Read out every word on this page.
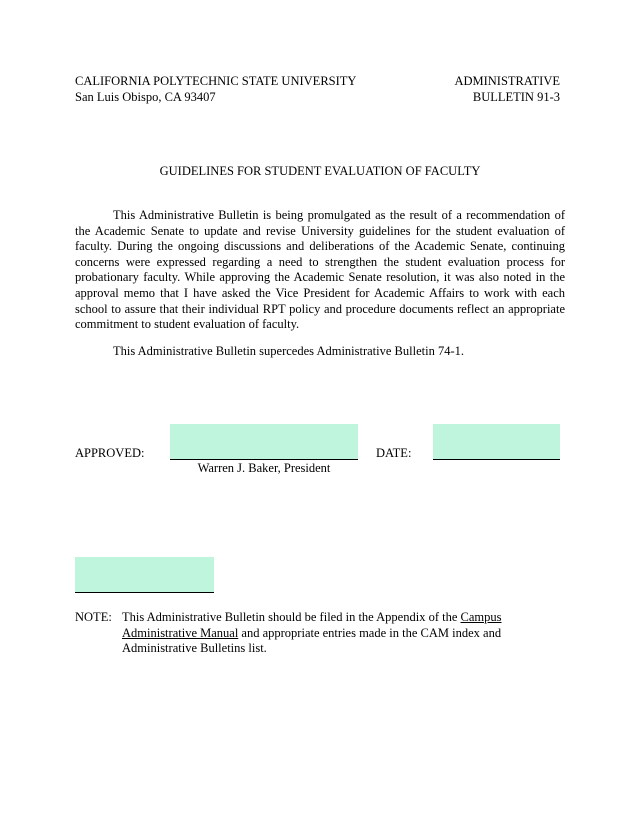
CALIFORNIA POLYTECHNIC STATE UNIVERSITY
San Luis Obispo, CA 93407
ADMINISTRATIVE
BULLETIN 91-3
GUIDELINES FOR STUDENT EVALUATION OF FACULTY

This Administrative Bulletin is being promulgated as the result of a recommendation of the Academic Senate to update and revise University guidelines for the student evaluation of faculty. During the ongoing discussions and deliberations of the Academic Senate, continuing concerns were expressed regarding a need to strengthen the student evaluation process for probationary faculty. While approving the Academic Senate resolution, it was also noted in the approval memo that I have asked the Vice President for Academic Affairs to work with each school to assure that their individual RPT policy and procedure documents reflect an appropriate commitment to student evaluation of faculty.

This Administrative Bulletin supercedes Administrative Bulletin 74-1.

APPROVED:
Warren J. Baker, President
DATE:
NOTE: This Administrative Bulletin should be filed in the Appendix of the Campus Administrative Manual and appropriate entries made in the CAM index and Administrative Bulletins list.
